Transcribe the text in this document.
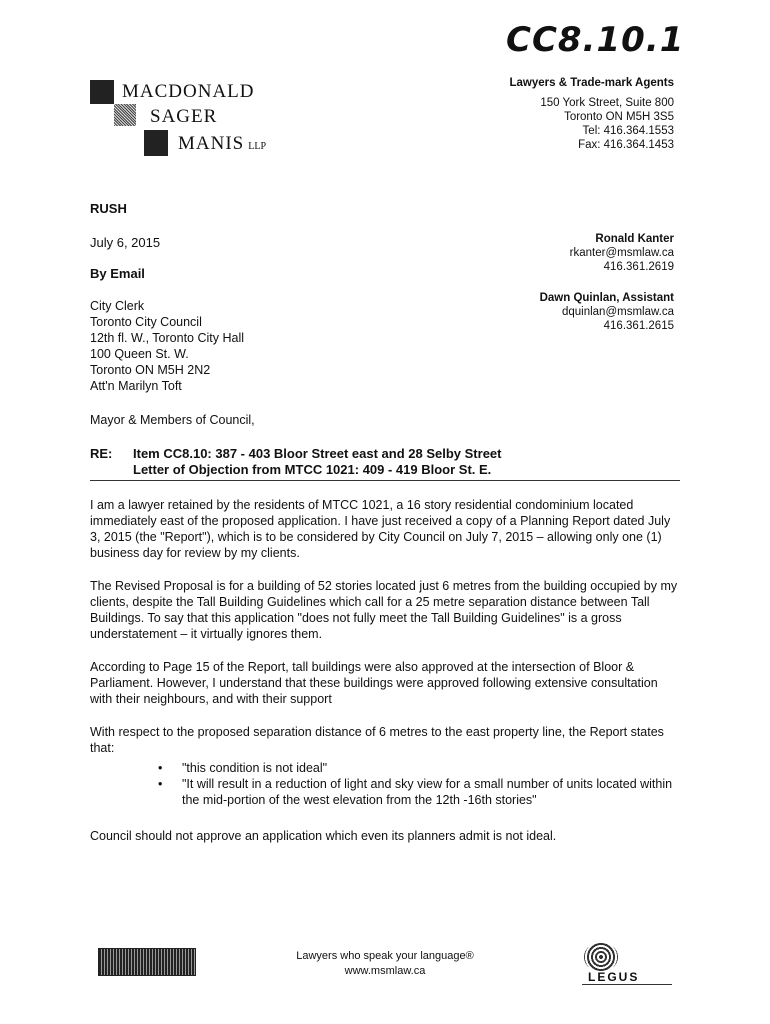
CC8.10.1
MACDONALD
SAGER
MANIS LLP
Lawyers & Trade-mark Agents
150 York Street, Suite 800
Toronto ON M5H 3S5
Tel: 416.364.1553
Fax: 416.364.1453
RUSH
July 6, 2015
By Email
Ronald Kanter
rkanter@msmlaw.ca
416.361.2619
Dawn Quinlan, Assistant
dquinlan@msmlaw.ca
416.361.2615
City Clerk
Toronto City Council
12th fl. W., Toronto City Hall
100 Queen St. W.
Toronto ON M5H 2N2
Att'n Marilyn Toft
Mayor & Members of Council,
RE: Item CC8.10: 387 - 403 Bloor Street east and 28 Selby Street
Letter of Objection from MTCC 1021: 409 - 419 Bloor St. E.
I am a lawyer retained by the residents of MTCC 1021, a 16 story residential condominium located immediately east of the proposed application. I have just received a copy of a Planning Report dated July 3, 2015 (the "Report"), which is to be considered by City Council on July 7, 2015 – allowing only one (1) business day for review by my clients.
The Revised Proposal is for a building of 52 stories located just 6 metres from the building occupied by my clients, despite the Tall Building Guidelines which call for a 25 metre separation distance between Tall Buildings. To say that this application "does not fully meet the Tall Building Guidelines" is a gross understatement – it virtually ignores them.
According to Page 15 of the Report, tall buildings were also approved at the intersection of Bloor & Parliament. However, I understand that these buildings were approved following extensive consultation with their neighbours, and with their support
With respect to the proposed separation distance of 6 metres to the east property line, the Report states that:
• "this condition is not ideal"
• "It will result in a reduction of light and sky view for a small number of units located within the mid-portion of the west elevation from the 12th -16th stories"
Council should not approve an application which even its planners admit is not ideal.
Lawyers who speak your language®
www.msmlaw.ca	LEGUS
